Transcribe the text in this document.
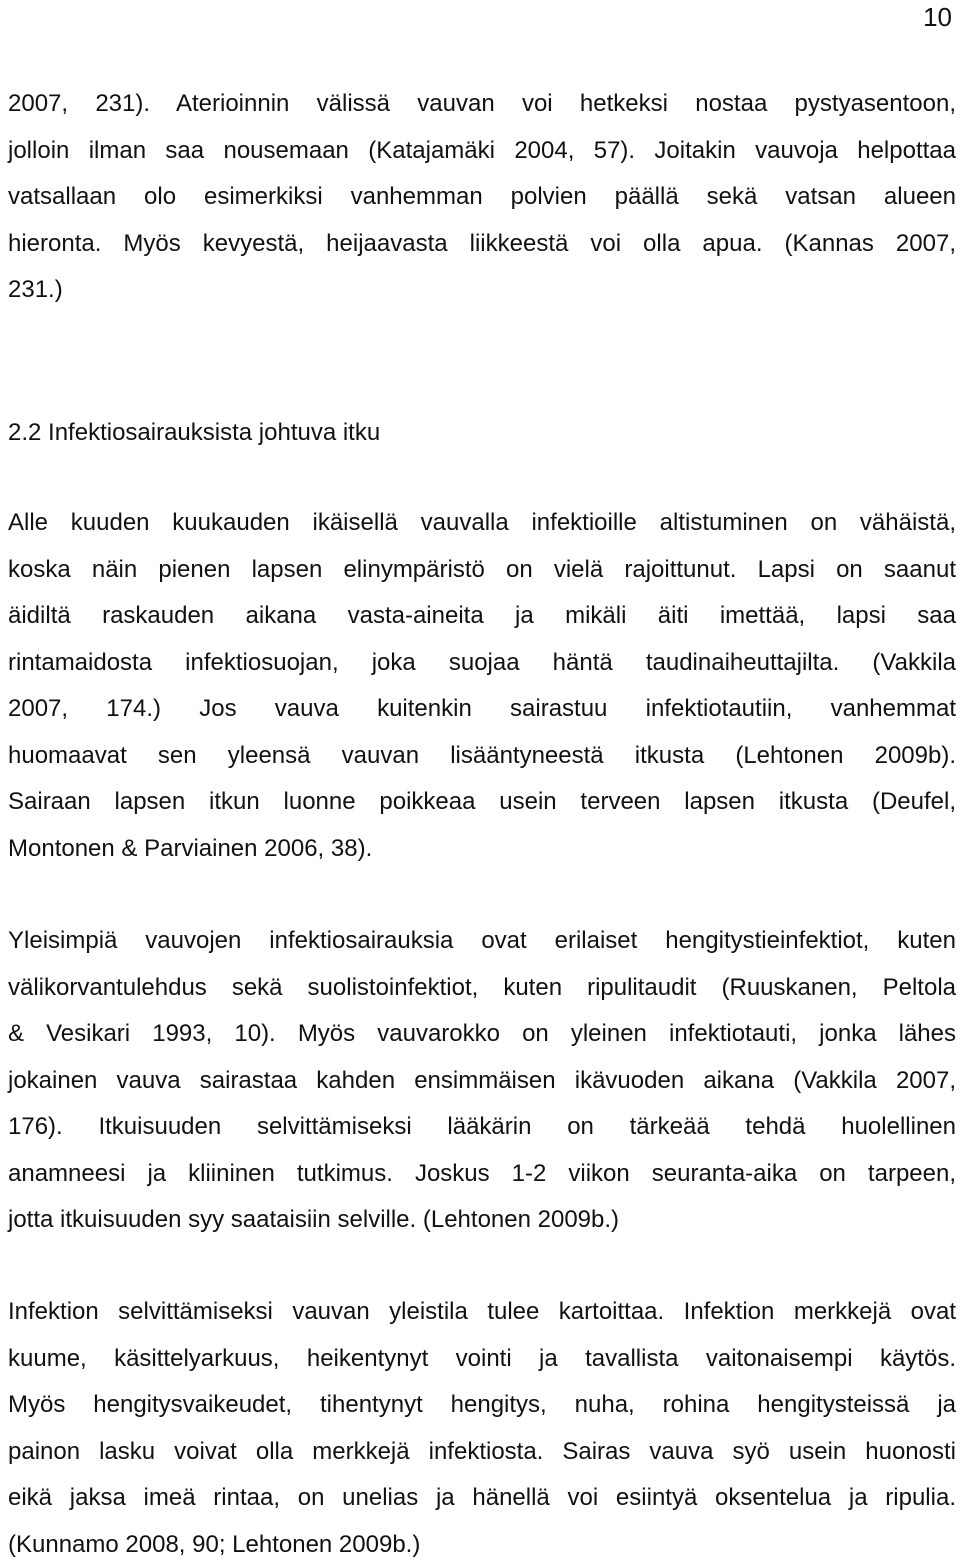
10
2007, 231). Aterioinnin välissä vauvan voi hetkeksi nostaa pystyasentoon,
jolloin ilman saa nousemaan (Katajamäki 2004, 57). Joitakin vauvoja helpottaa
vatsallaan olo esimerkiksi vanhemman polvien päällä sekä vatsan alueen
hieronta. Myös kevyestä, heijaavasta liikkeestä voi olla apua. (Kannas 2007,
231.)
2.2 Infektiosairauksista johtuva itku
Alle kuuden kuukauden ikäisellä vauvalla infektioille altistuminen on vähäistä,
koska näin pienen lapsen elinympäristö on vielä rajoittunut. Lapsi on saanut
äidiltä raskauden aikana vasta-aineita ja mikäli äiti imettää, lapsi saa
rintamaidosta infektiosuojan, joka suojaa häntä taudinaiheuttajilta. (Vakkila
2007, 174.) Jos vauva kuitenkin sairastuu infektiotautiin, vanhemmat
huomaavat sen yleensä vauvan lisääntyneestä itkusta (Lehtonen 2009b).
Sairaan lapsen itkun luonne poikkeaa usein terveen lapsen itkusta (Deufel,
Montonen & Parviainen 2006, 38).
Yleisimpiä vauvojen infektiosairauksia ovat erilaiset hengitystieinfektiot, kuten
välikorvantulehdus sekä suolistoinfektiot, kuten ripulitaudit (Ruuskanen, Peltola
& Vesikari 1993, 10). Myös vauvarokko on yleinen infektiotauti, jonka lähes
jokainen vauva sairastaa kahden ensimmäisen ikävuoden aikana (Vakkila 2007,
176). Itkuisuuden selvittämiseksi lääkärin on tärkeää tehdä huolellinen
anamneesi ja kliininen tutkimus. Joskus 1-2 viikon seuranta-aika on tarpeen,
jotta itkuisuuden syy saataisiin selville. (Lehtonen 2009b.)
Infektion selvittämiseksi vauvan yleistila tulee kartoittaa. Infektion merkkejä ovat
kuume, käsittelyarkuus, heikentynyt vointi ja tavallista vaitonaisempi käytös.
Myös hengitysvaikeudet, tihentynyt hengitys, nuha, rohina hengitysteissä ja
painon lasku voivat olla merkkejä infektiosta. Sairas vauva syö usein huonosti
eikä jaksa imeä rintaa, on unelias ja hänellä voi esiintyä oksentelua ja ripulia.
(Kunnamo 2008, 90; Lehtonen 2009b.)
